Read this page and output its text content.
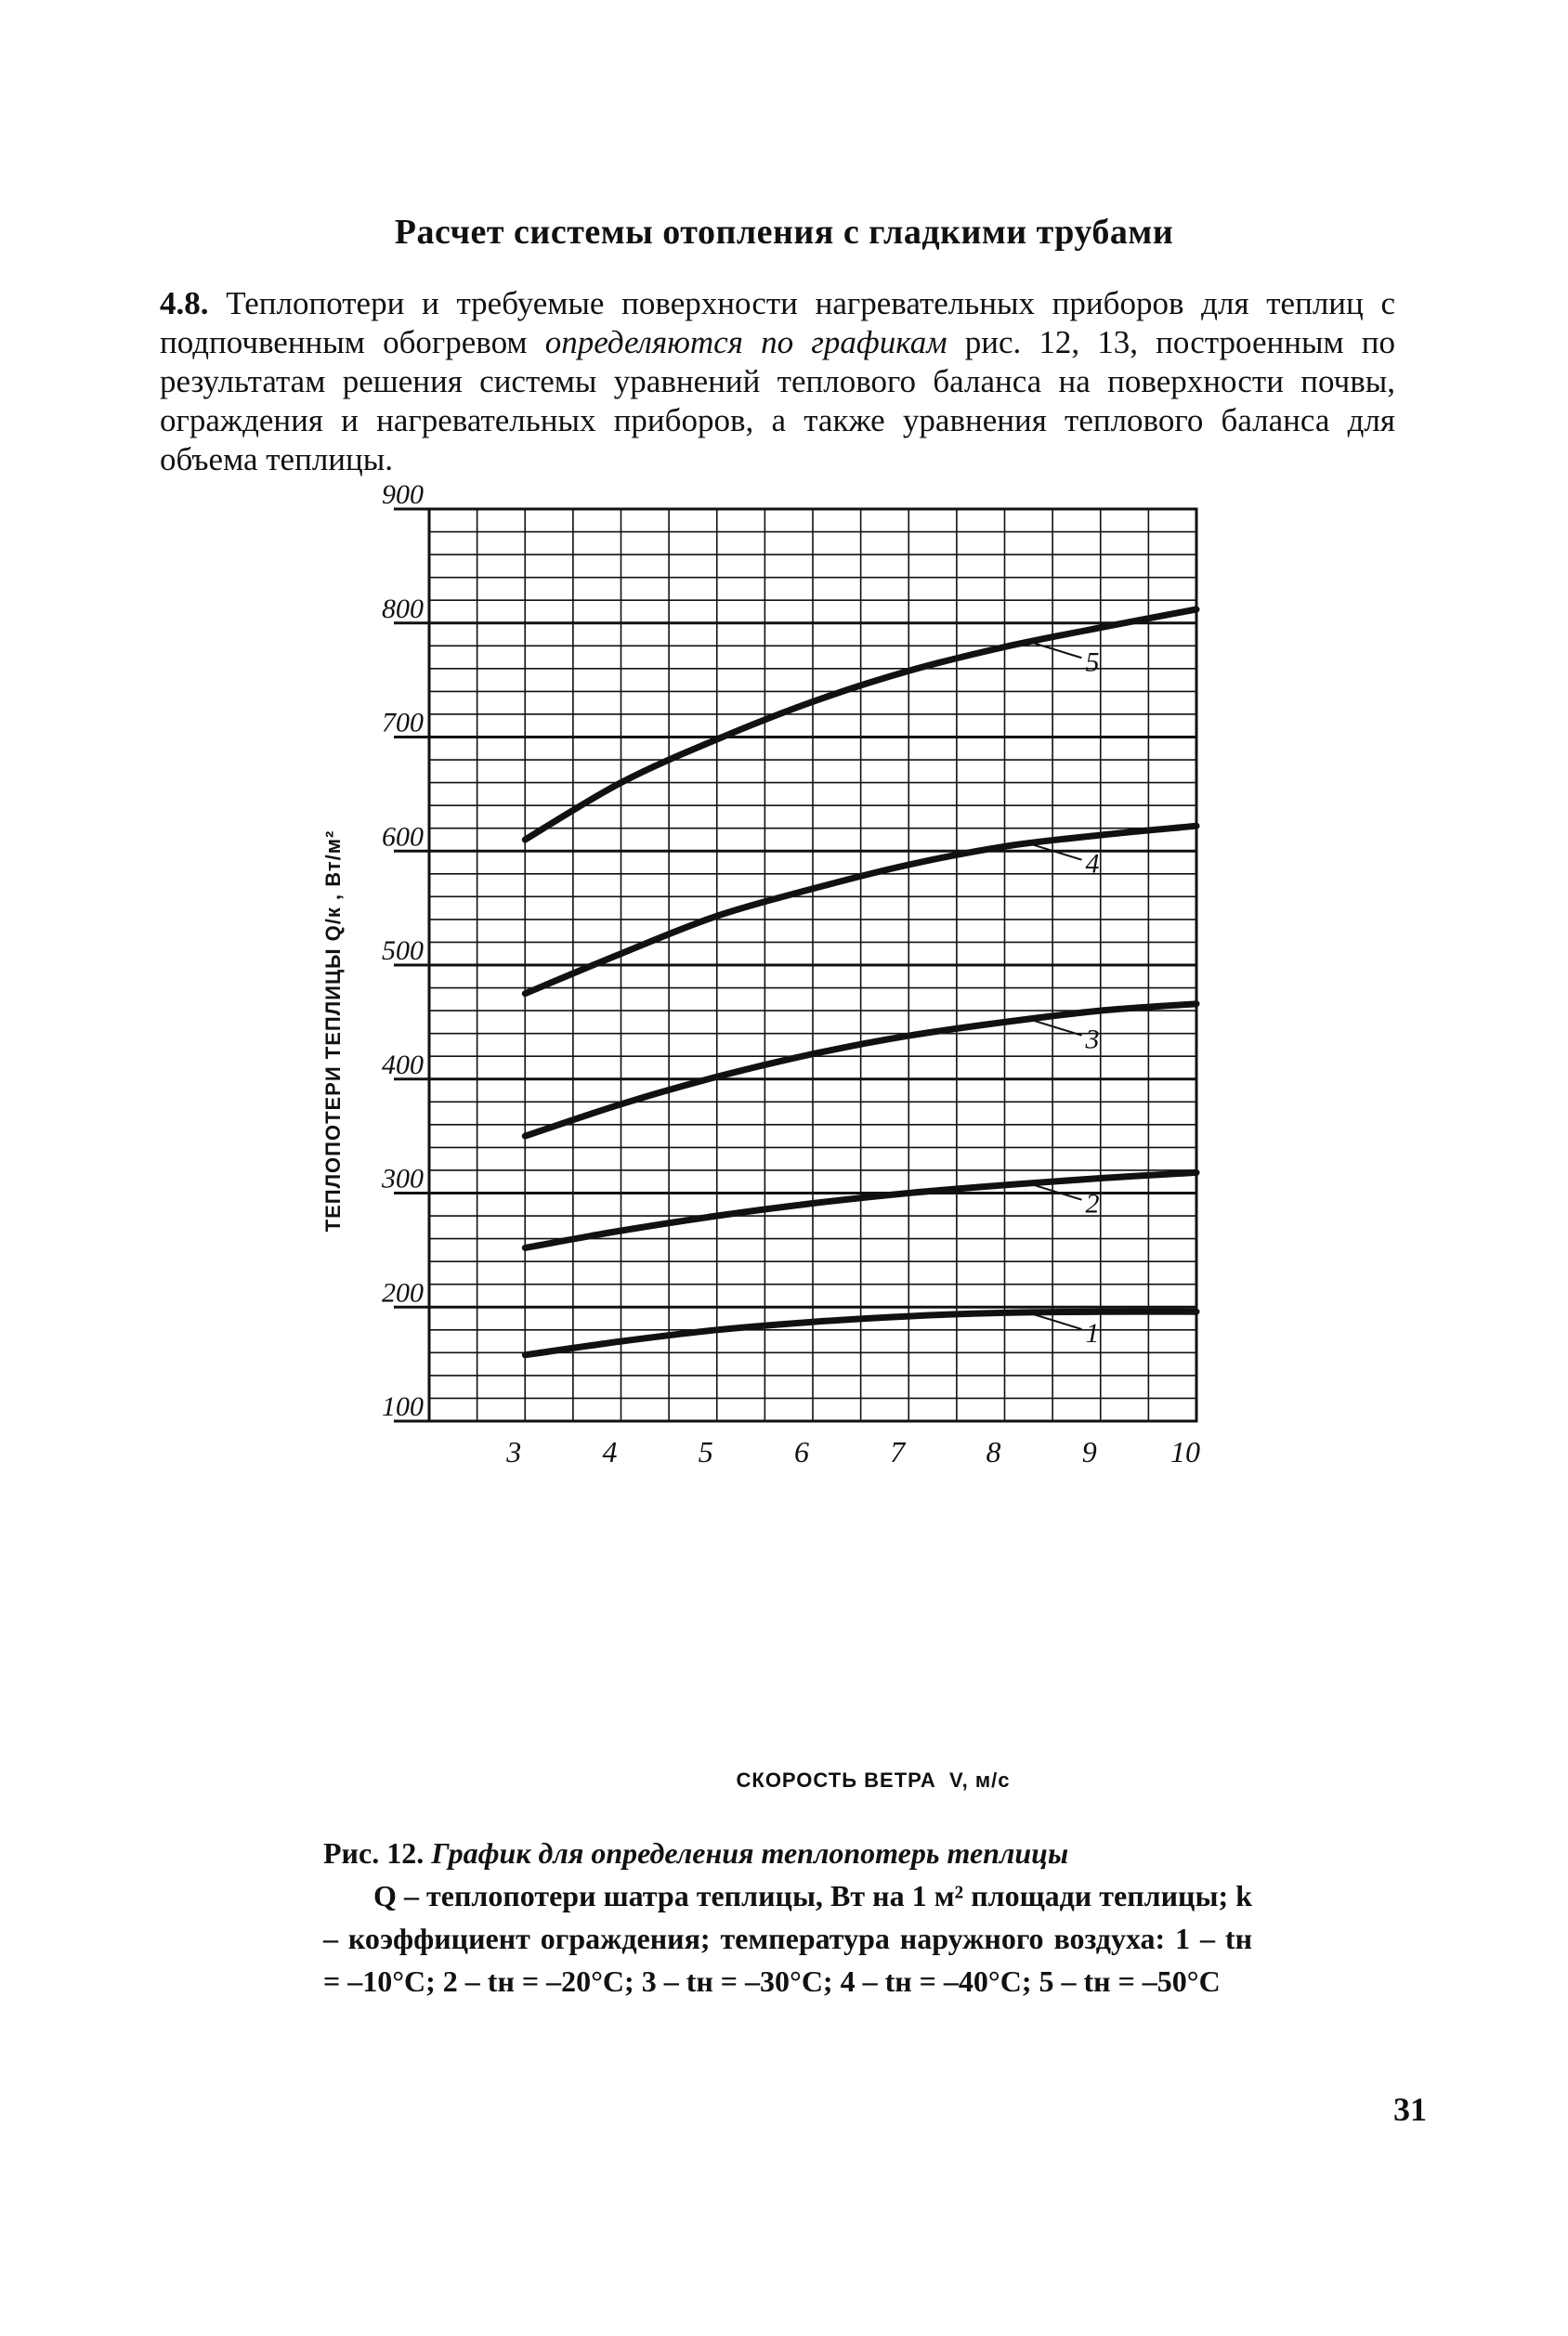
Расчет системы отопления с гладкими трубами
4.8. Теплопотери и требуемые поверхности нагревательных приборов для теплиц с подпочвенным обогревом определяются по графикам рис. 12, 13, построенным по результатам решения системы уравнений теплового баланса на поверхности почвы, ограждения и нагревательных приборов, а также уравнения теплового баланса для объема теплицы.
100
200
300
400
500
600
700
800
900
3	4	5	6	7	8	9 10
1
2
3
4
5
ТЕПЛОПОТЕРИ ТЕПЛИЦЫ Q/к , Вт/м²
СКОРОСТЬ ВЕТРА  V, м/с
Рис. 12. График для определения теплопотерь теплицы
Q – теплопотери шатра теплицы, Вт на 1 м² площади теплицы; k – коэффициент ограждения; температура наружного воздуха: 1 – tн = –10°С; 2 – tн = –20°С; 3 – tн = –30°С; 4 – tн = –40°С; 5 – tн = –50°С
31
